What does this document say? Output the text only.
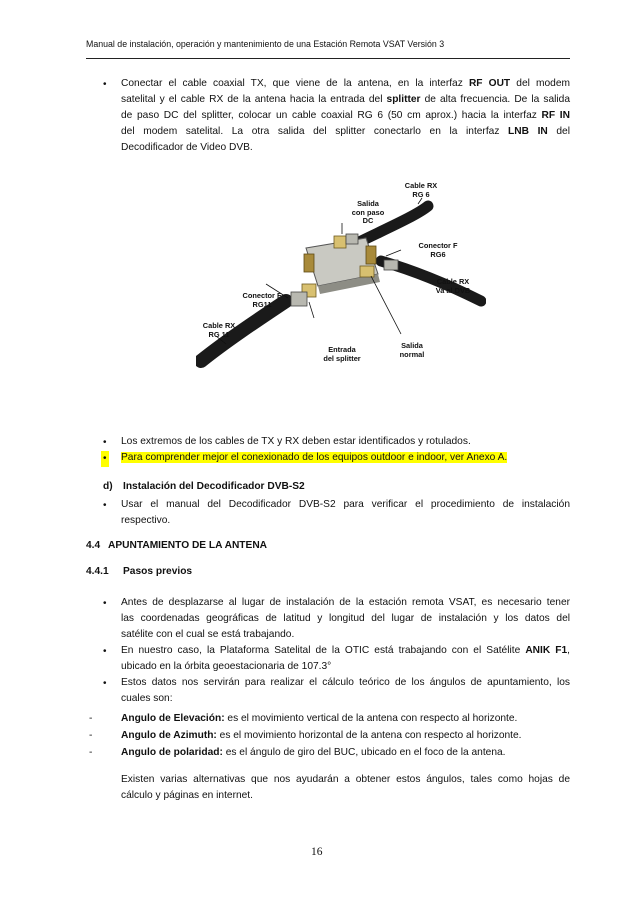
Manual de instalación, operación y mantenimiento de una Estación Remota VSAT Versión 3
• Conectar el cable coaxial TX, que viene de la antena, en la interfaz RF OUT del modem
satelital y el cable RX de la antena hacia la entrada del splitter de alta frecuencia. De la salida
de paso DC del splitter, colocar un cable coaxial RG 6 (50 cm aprox.) hacia la interfaz RF IN
del modem satelital. La otra salida del splitter conectarlo en la interfaz LNB IN del
Decodificador de Video DVB.
Cable RX
RG 6
Salida
con paso
DC
Conector F
RG6
Cable RX
Va al DVB
Conector F
RG11
Cable RX
RG 11
Entrada
del splitter
Salida
normal
• Los extremos de los cables de TX y RX deben estar identificados y rotulados.
• Para comprender mejor el conexionado de los equipos outdoor e indoor, ver Anexo A.
d) Instalación del Decodificador DVB-S2
• Usar el manual del Decodificador DVB-S2 para verificar el procedimiento de instalación
respectivo.
4.4 APUNTAMIENTO DE LA ANTENA
4.4.1 Pasos previos
• Antes de desplazarse al lugar de instalación de la estación remota VSAT, es necesario tener
las coordenadas geográficas de latitud y longitud del lugar de instalación y los datos del
satélite con el cual se está trabajando.
• En nuestro caso, la Plataforma Satelital de la OTIC está trabajando con el Satélite ANIK F1,
ubicado en la órbita geoestacionaria de 107.3°
• Estos datos nos servirán para realizar el cálculo teórico de los ángulos de apuntamiento, los
cuales son:
-	Angulo de Elevación: es el movimiento vertical de la antena con respecto al horizonte.
-	Angulo de Azimuth: es el movimiento horizontal de la antena con respecto al horizonte.
-	Angulo de polaridad: es el ángulo de giro del BUC, ubicado en el foco de la antena.
Existen varias alternativas que nos ayudarán a obtener estos ángulos, tales como hojas de
cálculo y páginas en internet.
16
